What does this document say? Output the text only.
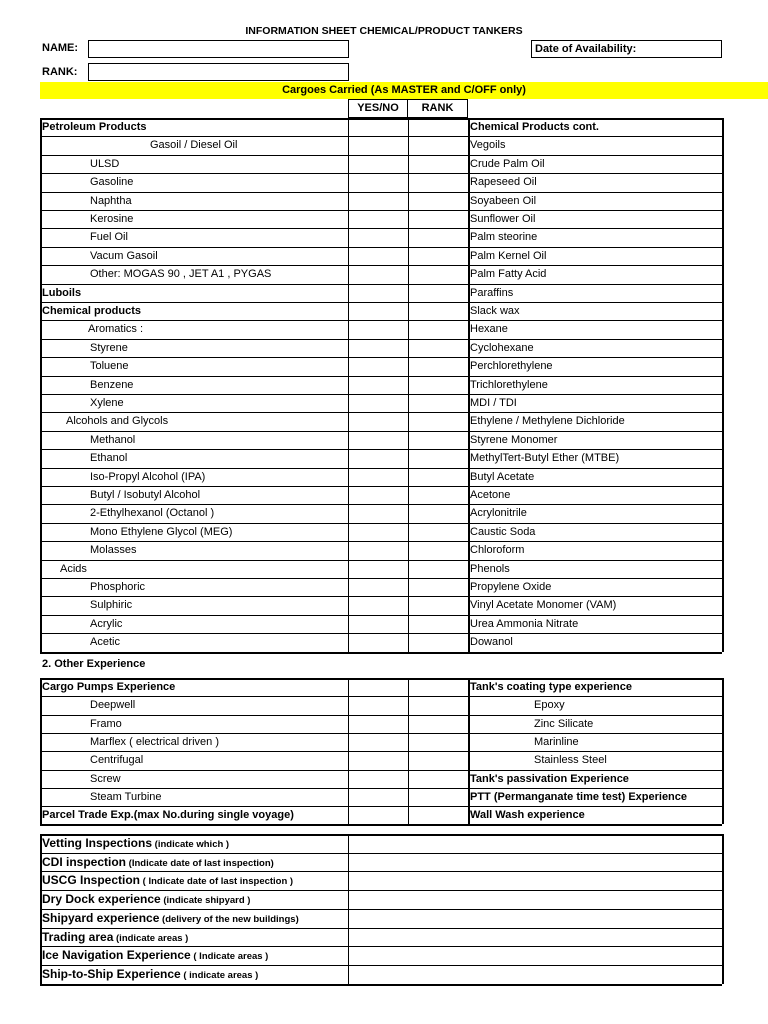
INFORMATION SHEET CHEMICAL/PRODUCT TANKERS
NAME:
RANK:
Date of Availability:
Cargoes Carried (As MASTER and C/OFF only)
YES/NO	RANK
Petroleum Products	Chemical Products cont.
Gasoil / Diesel Oil	Vegoils
ULSD	Crude Palm Oil
Gasoline	Rapeseed Oil
Naphtha	Soyabeen Oil
Kerosine	Sunflower Oil
Fuel Oil	Palm steorine
Vacum Gasoil	Palm Kernel Oil
Other: MOGAS 90 , JET A1 , PYGAS	Palm Fatty Acid
Luboils	Paraffins
Chemical products	Slack wax
Aromatics :	Hexane
Styrene	Cyclohexane
Toluene	Perchlorethylene
Benzene	Trichlorethylene
Xylene	MDI / TDI
Alcohols and Glycols	Ethylene / Methylene Dichloride
Methanol	Styrene Monomer
Ethanol	MethylTert-Butyl Ether (MTBE)
Iso-Propyl Alcohol (IPA)	Butyl Acetate
Butyl / Isobutyl Alcohol	Acetone
2-Ethylhexanol (Octanol )	Acrylonitrile
Mono Ethylene Glycol (MEG)	Caustic Soda
Molasses	Chloroform
Acids	Phenols
Phosphoric	Propylene Oxide
Sulphiric	Vinyl Acetate Monomer (VAM)
Acrylic	Urea Ammonia Nitrate
Acetic	Dowanol
2. Other Experience
Cargo Pumps Experience	Tank's coating type experience
Deepwell	Epoxy
Framo	Zinc Silicate
Marflex ( electrical driven )	Marinline
Centrifugal	Stainless Steel
Screw	Tank's passivation Experience
Steam Turbine	PTT (Permanganate time test) Experience
Parcel Trade Exp.(max No.during single voyage)	Wall Wash experience
Vetting Inspections (indicate which )
CDI inspection (Indicate date of last inspection)
USCG Inspection ( Indicate date of last inspection )
Dry Dock experience (indicate shipyard )
Shipyard experience (delivery of the new buildings)
Trading area (indicate areas )
Ice Navigation Experience ( Indicate areas )
Ship-to-Ship Experience ( indicate areas )
